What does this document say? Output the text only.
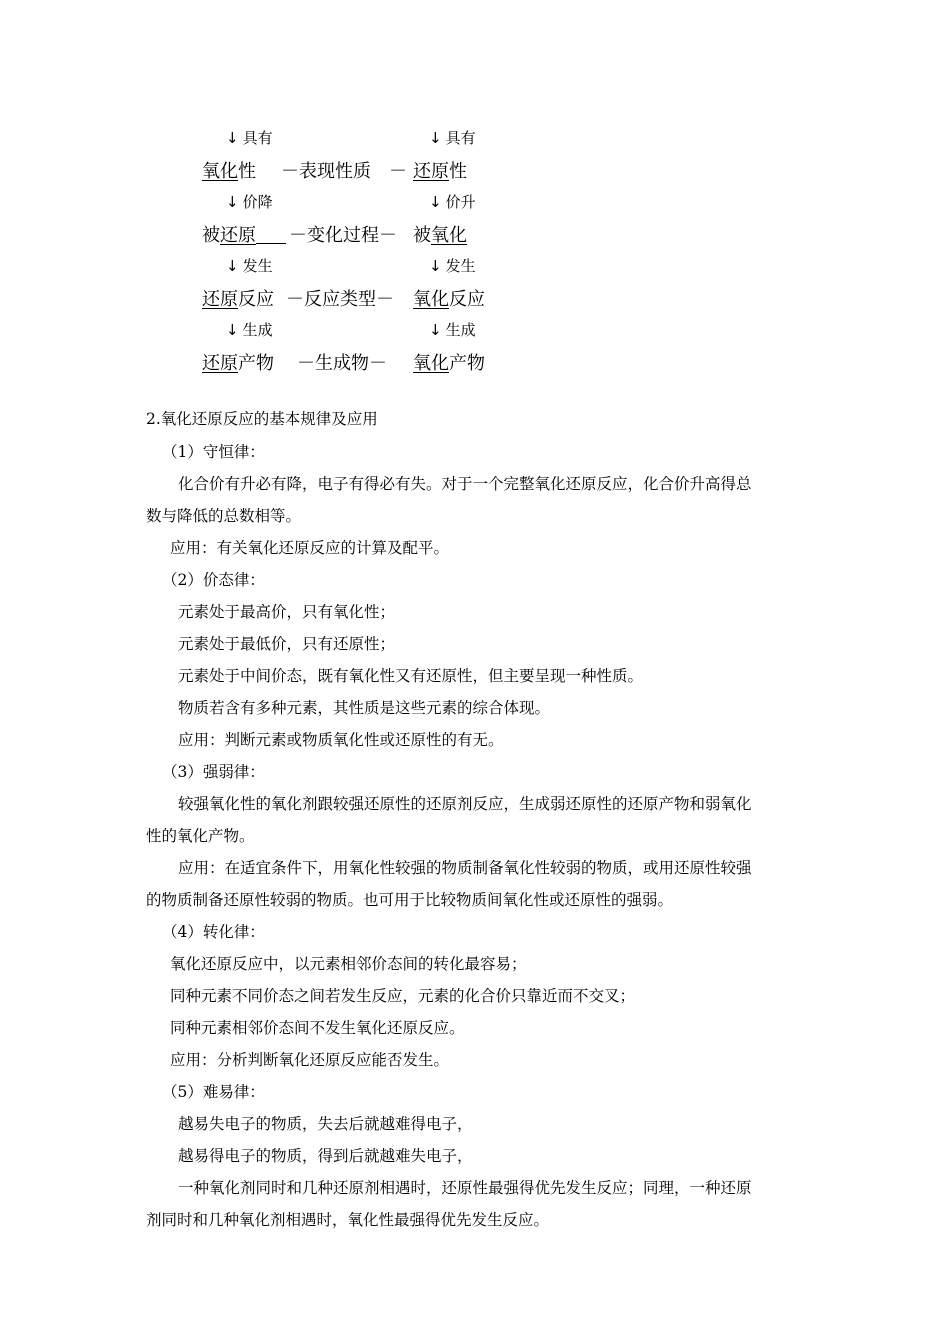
↓ 具有	↓ 具有
氧化性 －表现性质　－ 还原性
↓ 价降	↓ 价升
被还原	－变化过程－ 被氧化
↓ 发生	↓ 发生
还原反应 －反应类型－ 氧化反应
↓ 生成	↓ 生成
还原产物 －生成物－ 氧化产物
2.氧化还原反应的基本规律及应用
（1）守恒律：
化合价有升必有降，电子有得必有失。对于一个完整氧化还原反应，化合价升高得总
数与降低的总数相等。
应用：有关氧化还原反应的计算及配平。
（2）价态律：
元素处于最高价，只有氧化性；
元素处于最低价，只有还原性；
元素处于中间价态，既有氧化性又有还原性，但主要呈现一种性质。
物质若含有多种元素，其性质是这些元素的综合体现。
应用：判断元素或物质氧化性或还原性的有无。
（3）强弱律：
较强氧化性的氧化剂跟较强还原性的还原剂反应，生成弱还原性的还原产物和弱氧化
性的氧化产物。
应用：在适宜条件下，用氧化性较强的物质制备氧化性较弱的物质，或用还原性较强
的物质制备还原性较弱的物质。也可用于比较物质间氧化性或还原性的强弱。
（4）转化律：
氧化还原反应中，以元素相邻价态间的转化最容易；
同种元素不同价态之间若发生反应，元素的化合价只靠近而不交叉；
同种元素相邻价态间不发生氧化还原反应。
应用：分析判断氧化还原反应能否发生。
（5）难易律：
越易失电子的物质，失去后就越难得电子，
越易得电子的物质，得到后就越难失电子，
一种氧化剂同时和几种还原剂相遇时，还原性最强得优先发生反应；同理，一种还原
剂同时和几种氧化剂相遇时，氧化性最强得优先发生反应。
